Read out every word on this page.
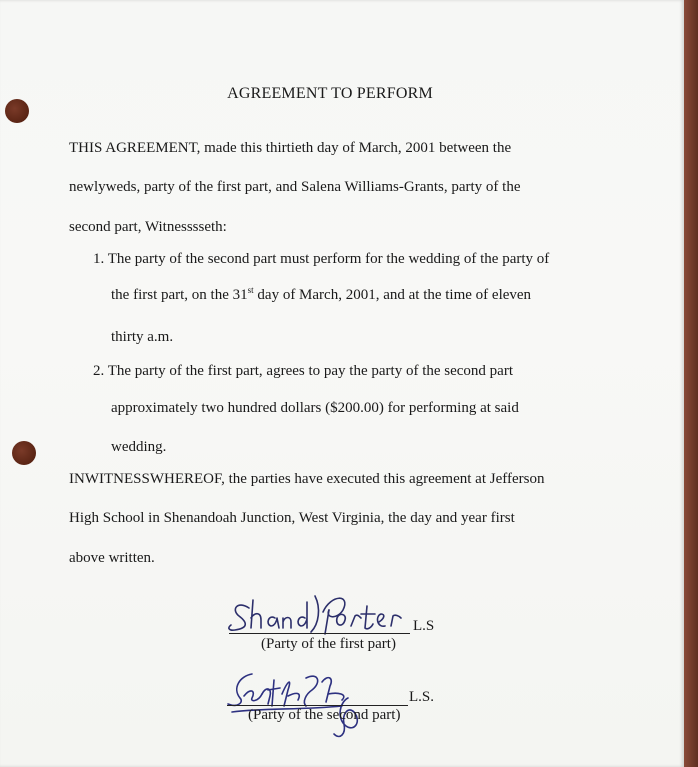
AGREEMENT TO PERFORM
THIS AGREEMENT, made this thirtieth day of March, 2001 between the
newlyweds, party of the first part, and Salena Williams-Grants, party of the
second part, Witnesssseth:
1. The party of the second part must perform for the wedding of the party of
the first part, on the 31st day of March, 2001, and at the time of eleven
thirty a.m.
2. The party of the first part, agrees to pay the party of the second part
approximately two hundred dollars ($200.00) for performing at said
wedding.
INWITNESSWHEREOF, the parties have executed this agreement at Jefferson
High School in Shenandoah Junction, West Virginia, the day and year first
above written.
L.S
(Party of the first part)
L.S.
(Party of the second part)
